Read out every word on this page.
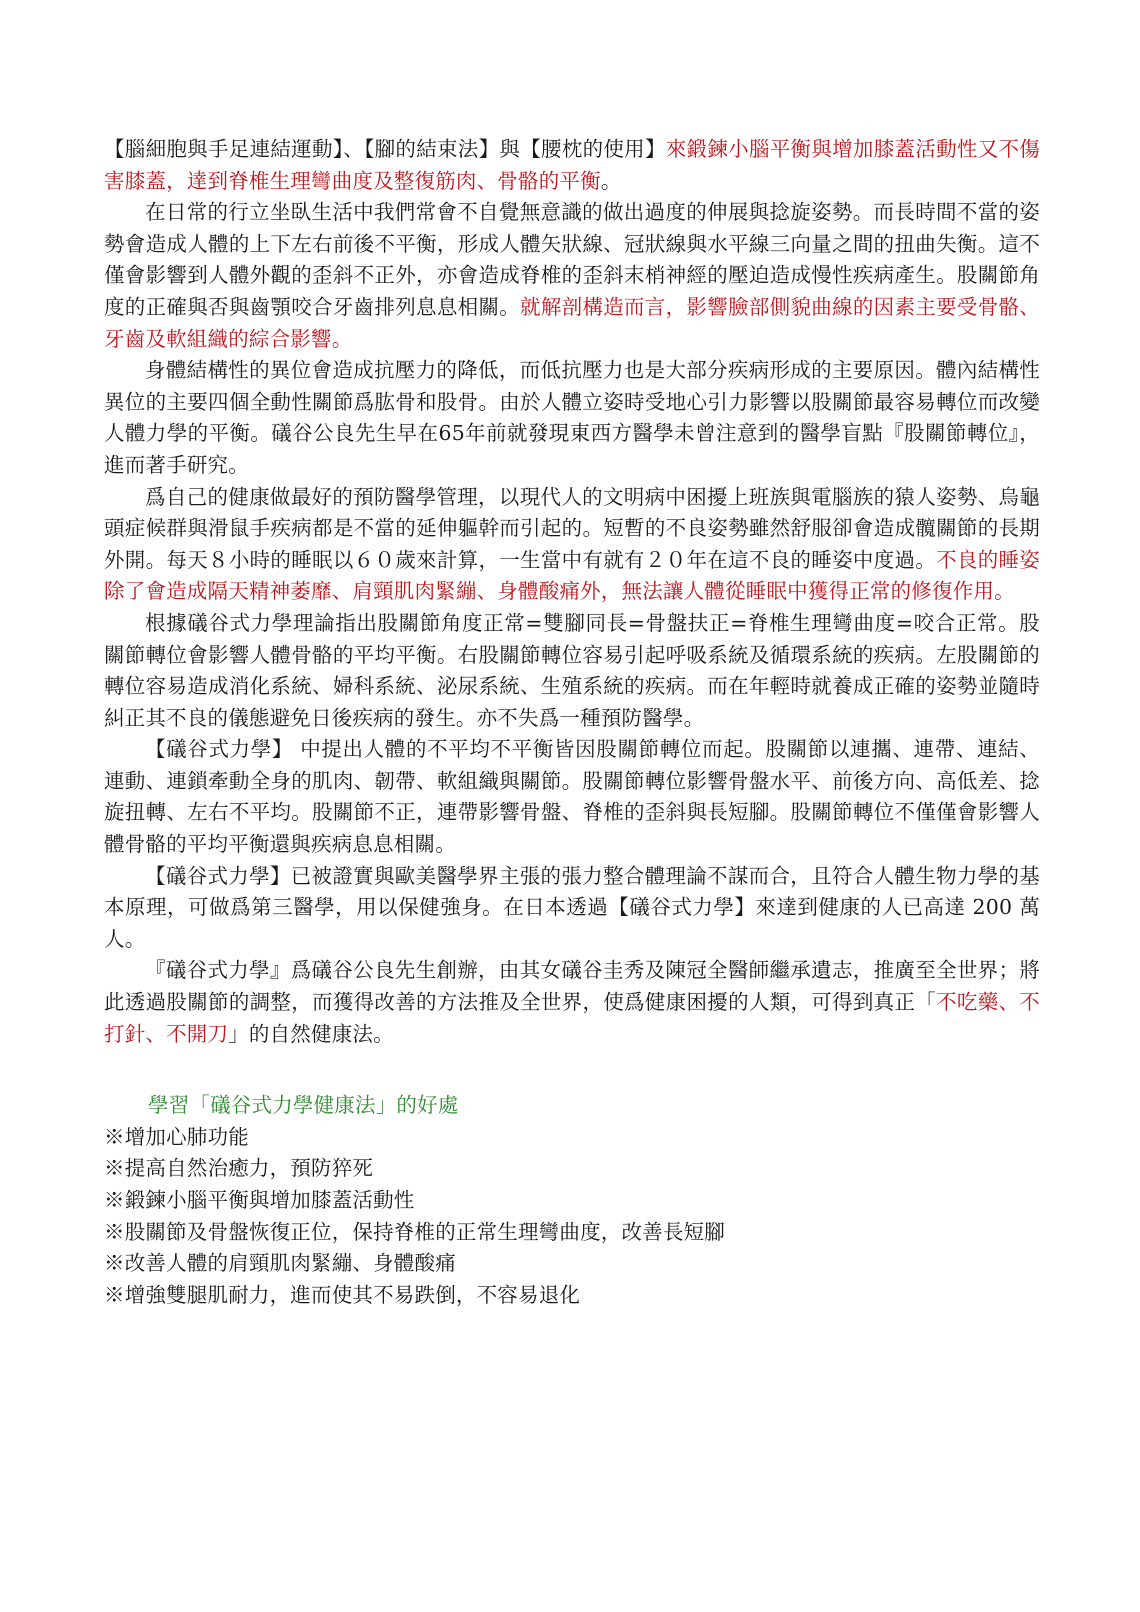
【腦細胞與手足連結運動】、【腳的結束法】與【腰枕的使用】來鍛鍊小腦平衡與增加膝蓋活動性又不傷害膝蓋，達到脊椎生理彎曲度及整復筋肉、骨骼的平衡。

在日常的行立坐臥生活中我們常會不自覺無意識的做出過度的伸展與捻旋姿勢。而長時間不當的姿勢會造成人體的上下左右前後不平衡，形成人體矢狀線、冠狀線與水平線三向量之間的扭曲失衡。這不僅會影響到人體外觀的歪斜不正外，亦會造成脊椎的歪斜末梢神經的壓迫造成慢性疾病產生。股關節角度的正確與否與齒顎咬合牙齒排列息息相關。就解剖構造而言，影響臉部側貌曲線的因素主要受骨骼、牙齒及軟組織的綜合影響。

身體結構性的異位會造成抗壓力的降低，而低抗壓力也是大部分疾病形成的主要原因。體內結構性異位的主要四個全動性關節爲肱骨和股骨。由於人體立姿時受地心引力影響以股關節最容易轉位而改變人體力學的平衡。礒谷公良先生早在65年前就發現東西方醫學未曾注意到的醫學盲點『股關節轉位』，進而著手研究。

爲自己的健康做最好的預防醫學管理，以現代人的文明病中困擾上班族與電腦族的猿人姿勢、烏龜頭症候群與滑鼠手疾病都是不當的延伸軀幹而引起的。短暫的不良姿勢雖然舒服卻會造成髖關節的長期外開。每天８小時的睡眠以６０歲來計算，一生當中有就有２０年在這不良的睡姿中度過。不良的睡姿除了會造成隔天精神萎靡、肩頸肌肉緊繃、身體酸痛外，無法讓人體從睡眠中獲得正常的修復作用。

根據礒谷式力學理論指出股關節角度正常=雙腳同長=骨盤扶正=脊椎生理彎曲度=咬合正常。股關節轉位會影響人體骨骼的平均平衡。右股關節轉位容易引起呼吸系統及循環系統的疾病。左股關節的轉位容易造成消化系統、婦科系統、泌尿系統、生殖系統的疾病。而在年輕時就養成正確的姿勢並隨時糾正其不良的儀態避免日後疾病的發生。亦不失爲一種預防醫學。

【礒谷式力學】 中提出人體的不平均不平衡皆因股關節轉位而起。股關節以連攜、連帶、連結、連動、連鎖牽動全身的肌肉、韌帶、軟組織與關節。股關節轉位影響骨盤水平、前後方向、高低差、捻旋扭轉、左右不平均。股關節不正，連帶影響骨盤、脊椎的歪斜與長短腳。股關節轉位不僅僅會影響人體骨骼的平均平衡還與疾病息息相關。

【礒谷式力學】已被證實與歐美醫學界主張的張力整合體理論不謀而合，且符合人體生物力學的基本原理，可做爲第三醫學，用以保健強身。在日本透過【礒谷式力學】來達到健康的人已高達 200 萬人。

『礒谷式力學』爲礒谷公良先生創辦，由其女礒谷圭秀及陳冠全醫師繼承遺志，推廣至全世界；將此透過股關節的調整，而獲得改善的方法推及全世界，使爲健康困擾的人類，可得到真正「不吃藥、不打針、不開刀」的自然健康法。

學習「礒谷式力學健康法」的好處

※增加心肺功能
※提高自然治癒力，預防猝死
※鍛鍊小腦平衡與增加膝蓋活動性
※股關節及骨盤恢復正位，保持脊椎的正常生理彎曲度，改善長短腳
※改善人體的肩頸肌肉緊繃、身體酸痛
※增強雙腿肌耐力，進而使其不易跌倒，不容易退化
